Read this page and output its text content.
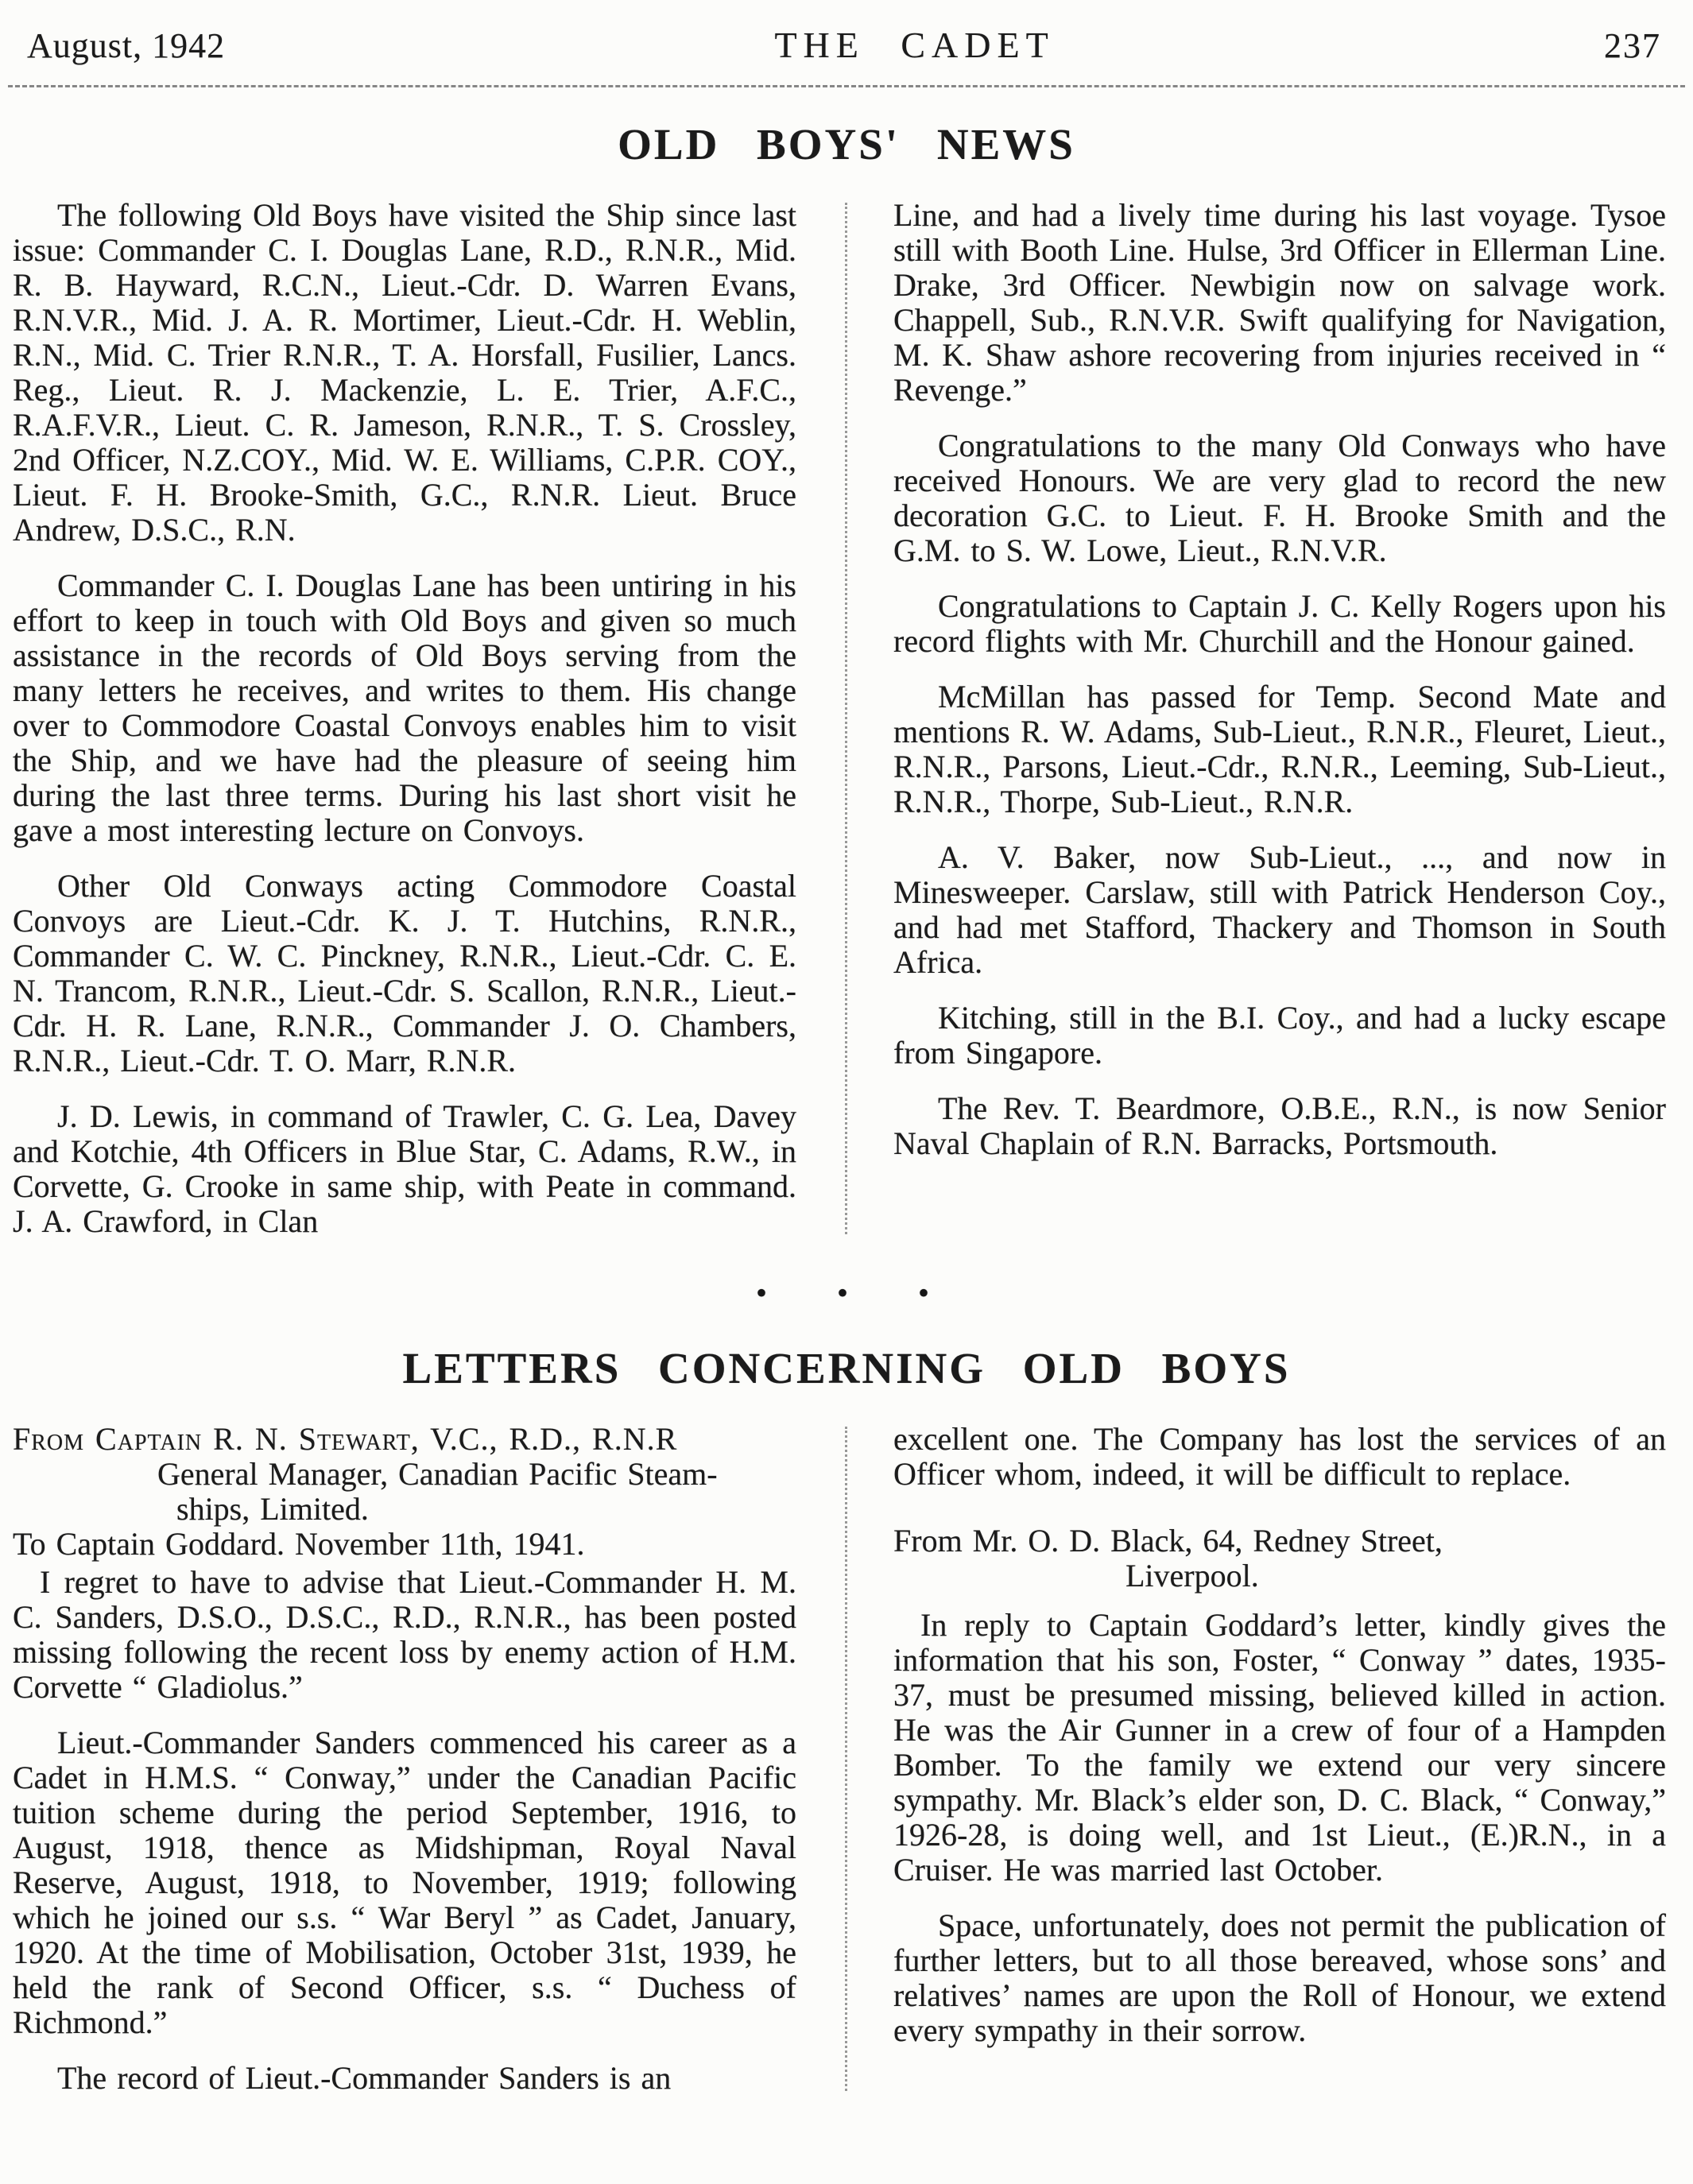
August, 1942	THE CADET	237
OLD BOYS' NEWS

The following Old Boys have visited the Ship since last issue: Commander C. I. Douglas Lane, R.D., R.N.R., Mid. R. B. Hayward, R.C.N., Lieut.-Cdr. D. Warren Evans, R.N.V.R., Mid. J. A. R. Mortimer, Lieut.-Cdr. H. Weblin, R.N., Mid. C. Trier R.N.R., T. A. Horsfall, Fusilier, Lancs. Reg., Lieut. R. J. Mackenzie, L. E. Trier, A.F.C., R.A.F.V.R., Lieut. C. R. Jameson, R.N.R., T. S. Crossley, 2nd Officer, N.Z.COY., Mid. W. E. Williams, C.P.R. COY., Lieut. F. H. Brooke-Smith, G.C., R.N.R. Lieut. Bruce Andrew, D.S.C., R.N.

Commander C. I. Douglas Lane has been untiring in his effort to keep in touch with Old Boys and given so much assistance in the records of Old Boys serving from the many letters he receives, and writes to them. His change over to Commodore Coastal Convoys enables him to visit the Ship, and we have had the pleasure of seeing him during the last three terms. During his last short visit he gave a most interesting lecture on Convoys.

Other Old Conways acting Commodore Coastal Convoys are Lieut.-Cdr. K. J. T. Hutchins, R.N.R., Commander C. W. C. Pinckney, R.N.R., Lieut.-Cdr. C. E. N. Trancom, R.N.R., Lieut.-Cdr. S. Scallon, R.N.R., Lieut.-Cdr. H. R. Lane, R.N.R., Commander J. O. Chambers, R.N.R., Lieut.-Cdr. T. O. Marr, R.N.R.

J. D. Lewis, in command of Trawler, C. G. Lea, Davey and Kotchie, 4th Officers in Blue Star, C. Adams, R.W., in Corvette, G. Crooke in same ship, with Peate in command. J. A. Crawford, in Clan

Line, and had a lively time during his last voyage. Tysoe still with Booth Line. Hulse, 3rd Officer in Ellerman Line. Drake, 3rd Officer. Newbigin now on salvage work. Chappell, Sub., R.N.V.R. Swift qualifying for Navigation, M. K. Shaw ashore recovering from injuries received in “ Revenge.”

Congratulations to the many Old Conways who have received Honours. We are very glad to record the new decoration G.C. to Lieut. F. H. Brooke Smith and the G.M. to S. W. Lowe, Lieut., R.N.V.R.

Congratulations to Captain J. C. Kelly Rogers upon his record flights with Mr. Churchill and the Honour gained.

McMillan has passed for Temp. Second Mate and mentions R. W. Adams, Sub-Lieut., R.N.R., Fleuret, Lieut., R.N.R., Parsons, Lieut.-Cdr., R.N.R., Leeming, Sub-Lieut., R.N.R., Thorpe, Sub-Lieut., R.N.R.

A. V. Baker, now Sub-Lieut., ..., and now in Minesweeper. Carslaw, still with Patrick Henderson Coy., and had met Stafford, Thackery and Thomson in South Africa.

Kitching, still in the B.I. Coy., and had a lucky escape from Singapore.

The Rev. T. Beardmore, O.B.E., R.N., is now Senior Naval Chaplain of R.N. Barracks, Portsmouth.

• • •
LETTERS CONCERNING OLD BOYS

From Captain R. N. Stewart, V.C., R.D., R.N.R

General Manager, Canadian Pacific Steam-

ships, Limited.

To Captain Goddard. November 11th, 1941.

I regret to have to advise that Lieut.-Commander H. M. C. Sanders, D.S.O., D.S.C., R.D., R.N.R., has been posted missing following the recent loss by enemy action of H.M. Corvette “ Gladiolus.”

Lieut.-Commander Sanders commenced his career as a Cadet in H.M.S. “ Conway,” under the Canadian Pacific tuition scheme during the period September, 1916, to August, 1918, thence as Midshipman, Royal Naval Reserve, August, 1918, to November, 1919; following which he joined our s.s. “ War Beryl ” as Cadet, January, 1920. At the time of Mobilisation, October 31st, 1939, he held the rank of Second Officer, s.s. “ Duchess of Richmond.”

The record of Lieut.-Commander Sanders is an

excellent one. The Company has lost the services of an Officer whom, indeed, it will be difficult to replace.

From Mr. O. D. Black, 64, Redney Street,

Liverpool.

In reply to Captain Goddard’s letter, kindly gives the information that his son, Foster, “ Conway ” dates, 1935-37, must be presumed missing, believed killed in action. He was the Air Gunner in a crew of four of a Hampden Bomber. To the family we extend our very sincere sympathy. Mr. Black’s elder son, D. C. Black, “ Conway,” 1926-28, is doing well, and 1st Lieut., (E.)R.N., in a Cruiser. He was married last October.

Space, unfortunately, does not permit the publication of further letters, but to all those bereaved, whose sons’ and relatives’ names are upon the Roll of Honour, we extend every sympathy in their sorrow.
